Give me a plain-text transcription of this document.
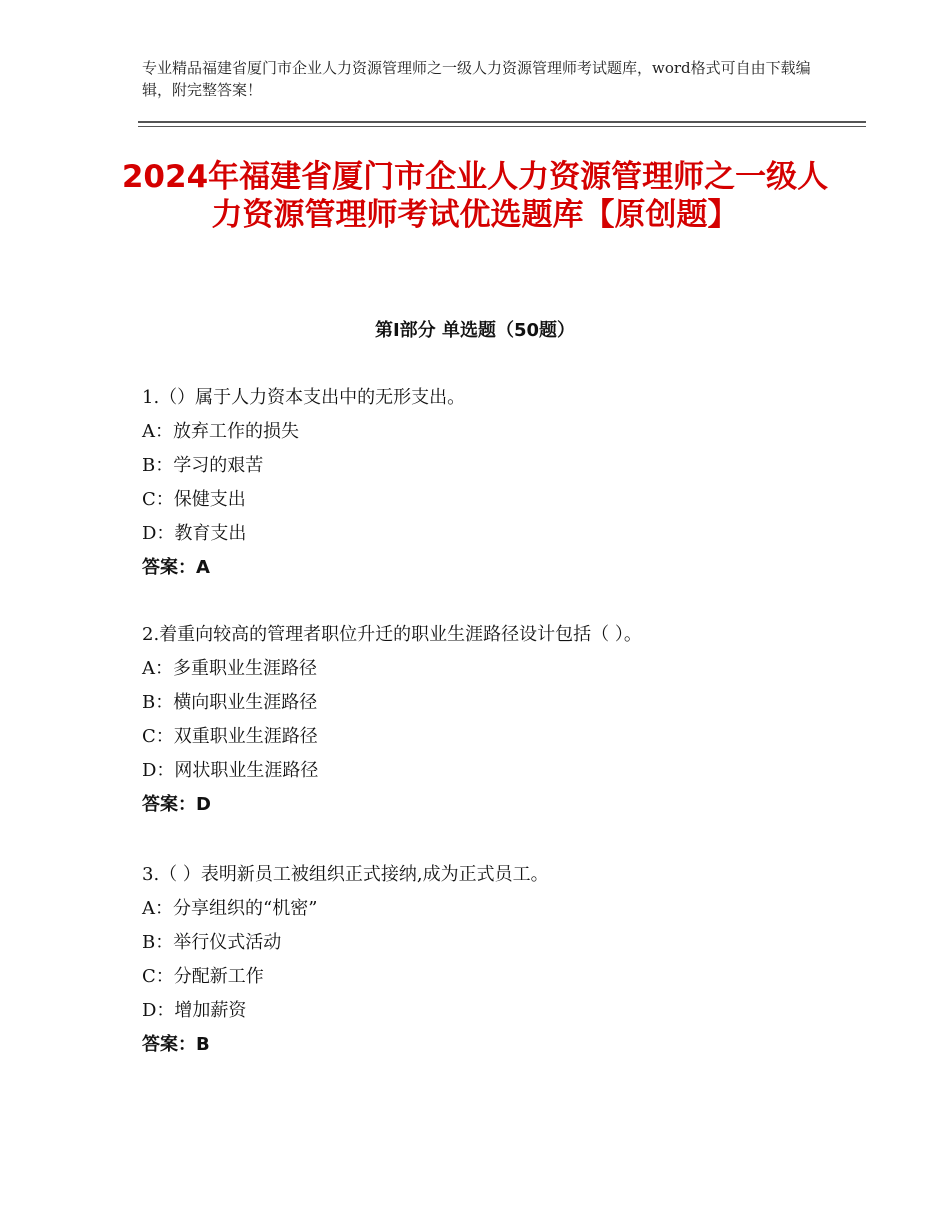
专业精品福建省厦门市企业人力资源管理师之一级人力资源管理师考试题库，word格式可自由下载编辑，附完整答案！
2024年福建省厦门市企业人力资源管理师之一级人力资源管理师考试优选题库【原创题】
第Ⅰ部分 单选题（50题）
1.（）属于人力资本支出中的无形支出。
A：放弃工作的损失
B：学习的艰苦
C：保健支出
D：教育支出
答案：A
2.着重向较高的管理者职位升迁的职业生涯路径设计包括（ ）。
A：多重职业生涯路径
B：横向职业生涯路径
C：双重职业生涯路径
D：网状职业生涯路径
答案：D
3.（ ）表明新员工被组织正式接纳,成为正式员工。
A：分享组织的“机密”
B：举行仪式活动
C：分配新工作
D：增加薪资
答案：B
